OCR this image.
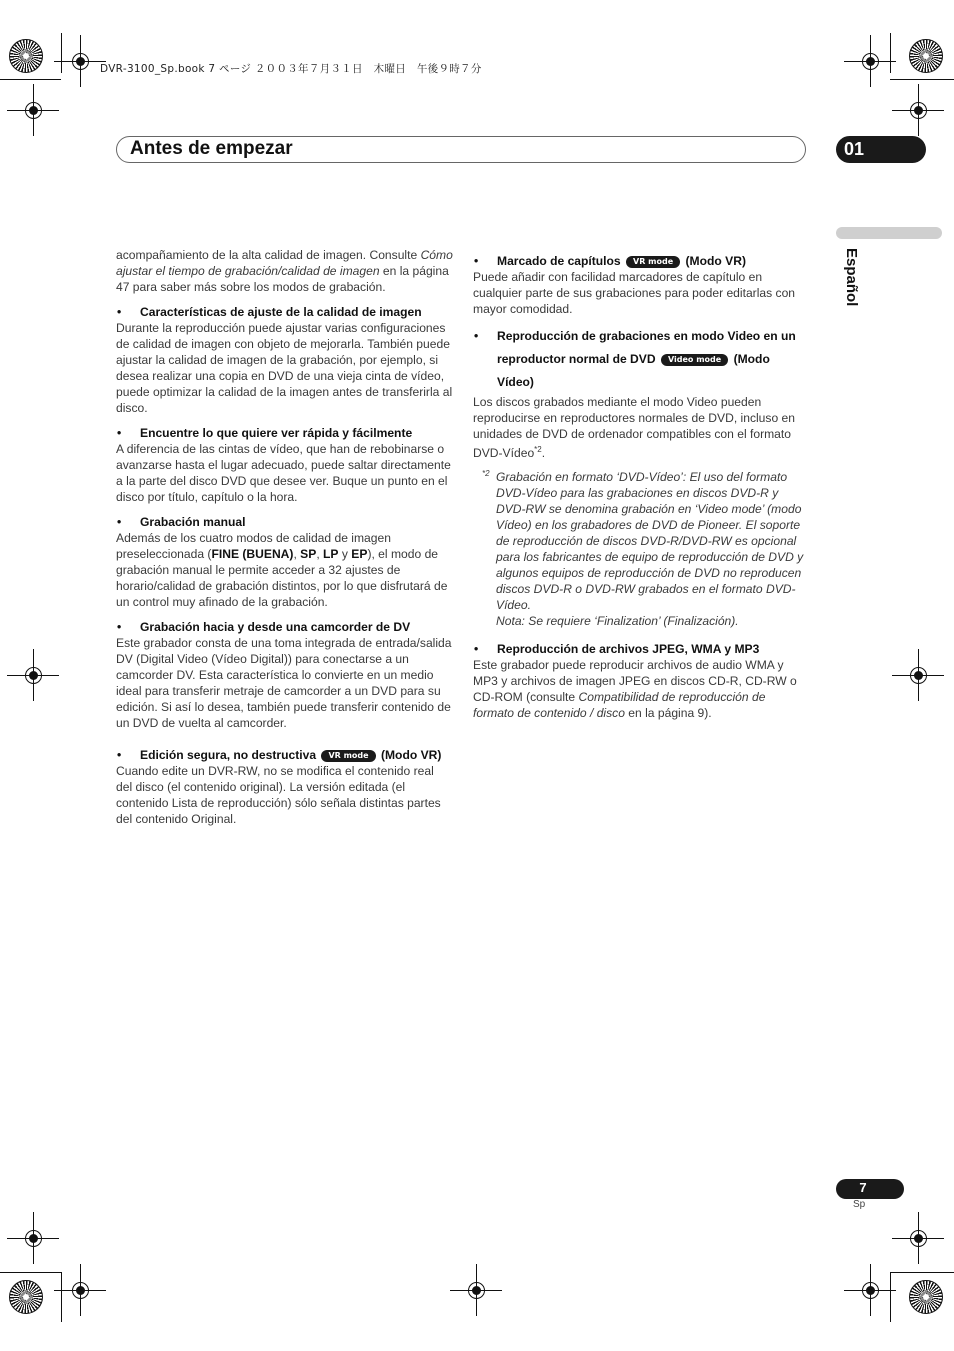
DVR-3100_Sp.book 7 ページ ２００３年７月３１日　木曜日　午後９時７分
Antes de empezar	01
Español

acompañamiento de la alta calidad de imagen. Consulte Cómo ajustar el tiempo de grabación/calidad de imagen en la página 47 para saber más sobre los modos de grabación.

• Características de ajuste de la calidad de imagen

Durante la reproducción puede ajustar varias configuraciones de calidad de imagen con objeto de mejorarla. También puede ajustar la calidad de imagen de la grabación, por ejemplo, si desea realizar una copia en DVD de una vieja cinta de vídeo, puede optimizar la calidad de la imagen antes de transferirla al disco.

• Encuentre lo que quiere ver rápida y fácilmente

A diferencia de las cintas de vídeo, que han de rebobinarse o avanzarse hasta el lugar adecuado, puede saltar directamente a la parte del disco DVD que desee ver. Buque un punto en el disco por título, capítulo o la hora.

• Grabación manual

Además de los cuatro modos de calidad de imagen preseleccionada (FINE (BUENA), SP, LP y EP), el modo de grabación manual le permite acceder a 32 ajustes de horario/calidad de grabación distintos, por lo que disfrutará de un control muy afinado de la grabación.

• Grabación hacia y desde una camcorder de DV

Este grabador consta de una toma integrada de entrada/salida DV (Digital Video (Vídeo Digital)) para conectarse a un camcorder DV. Esta característica lo convierte en un medio ideal para transferir metraje de camcorder a un DVD para su edición. Si así lo desea, también puede transferir contenido de un DVD de vuelta al camcorder.

• Edición segura, no destructiva VR mode (Modo VR)

Cuando edite un DVR-RW, no se modifica el contenido real del disco (el contenido original). La versión editada (el contenido Lista de reproducción) sólo señala distintas partes del contenido Original.

• Marcado de capítulos VR mode (Modo VR)

Puede añadir con facilidad marcadores de capítulo en cualquier parte de sus grabaciones para poder editarlas con mayor comodidad.

• Reproducción de grabaciones en modo Video en un reproductor normal de DVD Video mode (Modo Vídeo)

Los discos grabados mediante el modo Video pueden reproducirse en reproductores normales de DVD, incluso en unidades de DVD de ordenador compatibles con el formato DVD-Vídeo$^{*2}$.

*2 Grabación en formato ‘DVD-Vídeo’: El uso del formato DVD-Vídeo para las grabaciones en discos DVD-R y DVD-RW se denomina grabación en ‘Video mode’ (modo Vídeo) en los grabadores de DVD de Pioneer. El soporte de reproducción de discos DVD-R/DVD-RW es opcional para los fabricantes de equipo de reproducción de DVD y algunos equipos de reproducción de DVD no reproducen discos DVD-R o DVD-RW grabados en el formato DVD-Vídeo.
Nota: Se requiere ‘Finalization’ (Finalización).

• Reproducción de archivos JPEG, WMA y MP3

Este grabador puede reproducir archivos de audio WMA y MP3 y archivos de imagen JPEG en discos CD-R, CD-RW o CD-ROM (consulte Compatibilidad de reproducción de formato de contenido / disco en la página 9).

7
Sp
